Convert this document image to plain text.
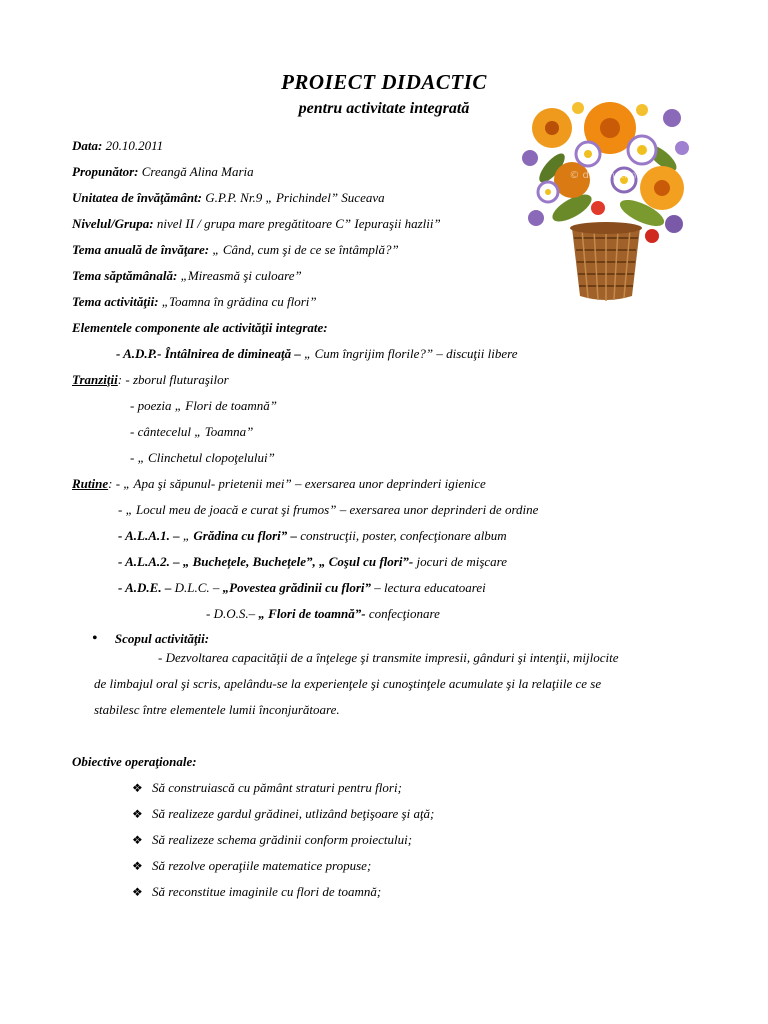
PROIECT DIDACTIC
pentru activitate integrată
© dreamstime
Data: 20.10.2011
Propunător: Creangă Alina Maria
Unitatea de învăţământ: G.P.P. Nr.9 „ Prichindel” Suceava
Nivelul/Grupa: nivel II / grupa mare pregătitoare C” Iepuraşii hazlii”
Tema anuală de învăţare: „ Când, cum şi de ce se întâmplă?”
Tema săptămânală: „Mireasmă şi culoare”
Tema activităţii: „Toamna în grădina cu flori”
Elementele componente ale activităţii integrate:
- A.D.P.- Întâlnirea de dimineaţă – „ Cum îngrijim florile?” – discuţii libere
Tranziţii: - zborul fluturaşilor
- poezia „ Flori de toamnă”
- cântecelul „ Toamna”
- „ Clinchetul clopoţelului”
Rutine: - „ Apa şi săpunul- prietenii mei” – exersarea unor deprinderi igienice
- „ Locul meu de joacă e curat şi frumos” – exersarea unor deprinderi de ordine
- A.L.A.1. – „ Grădina cu flori” – construcţii, poster, confecţionare album
- A.L.A.2. – „ Buchețele, Buchețele”, „ Coşul cu flori”- jocuri de mişcare
- A.D.E. – D.L.C. – „Povestea grădinii cu flori” – lectura educatoarei
- D.O.S.– „ Flori de toamnă”- confecţionare
• Scopul activităţii:
- Dezvoltarea capacităţii de a înţelege şi transmite impresii, gânduri şi intenţii, mijlocite
de limbajul oral şi scris, apelându-se la experienţele şi cunoştinţele acumulate şi la relaţiile ce se
stabilesc între elementele lumii înconjurătoare.
Obiective operaţionale:
❖ Să construiască cu pământ straturi pentru flori;
❖ Să realizeze gardul grădinei, utlizând beţişoare şi aţă;
❖ Să realizeze schema grădinii conform proiectului;
❖ Să rezolve operaţiile matematice propuse;
❖ Să reconstitue imaginile cu flori de toamnă;
